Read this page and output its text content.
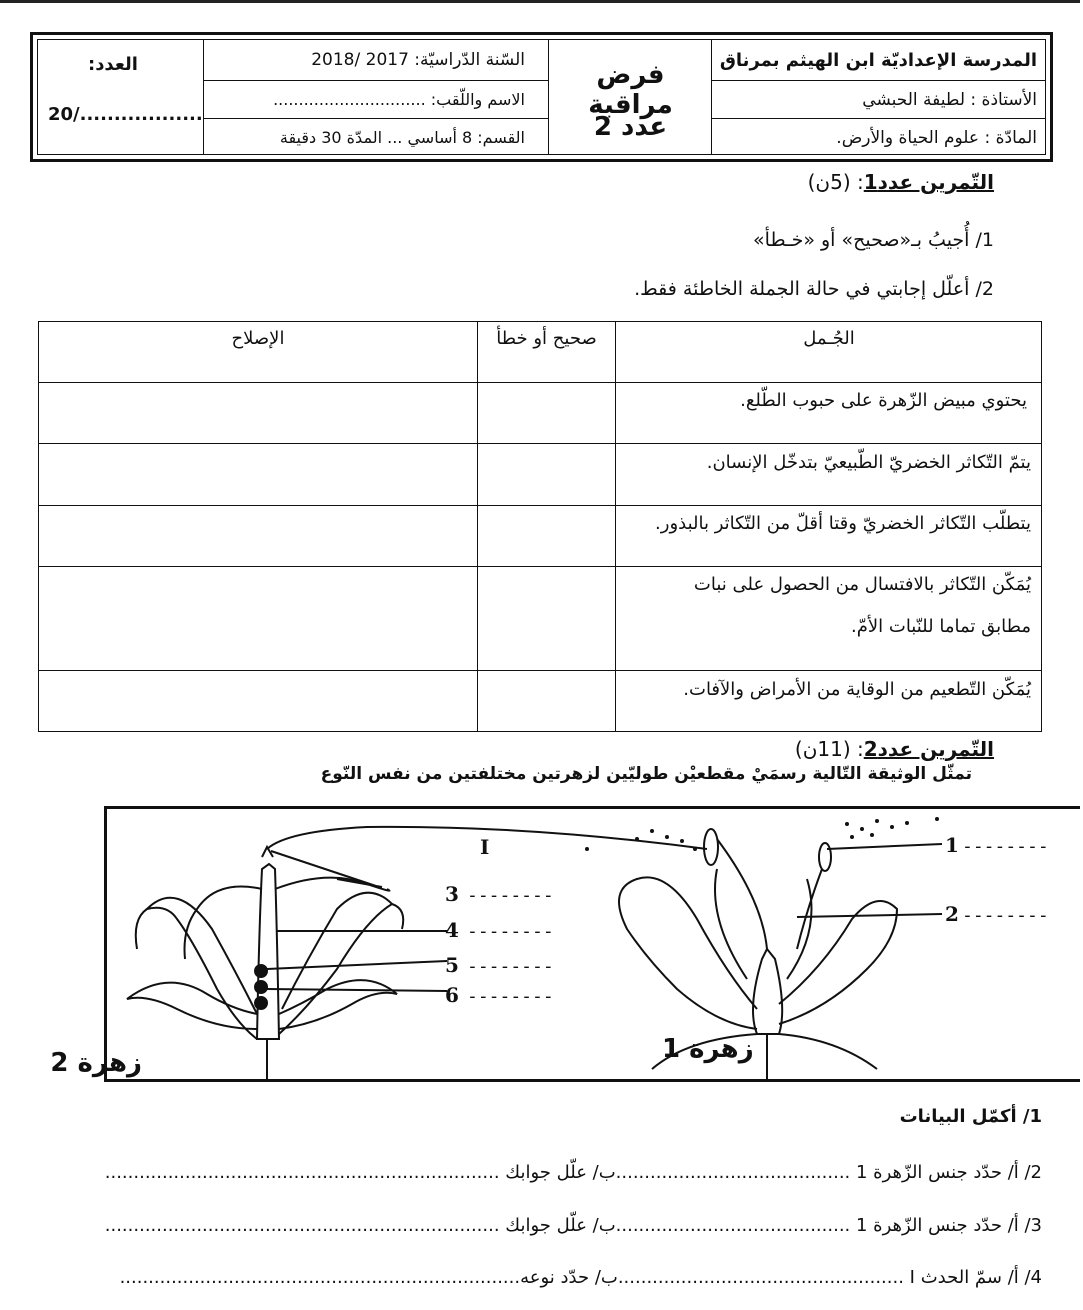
المدرسة الإعداديّة ابن الهيثم بمرناق
الأستاذة : لطيفة الحبشي
المادّة : علوم الحياة والأرض.
فرض مراقبة
عدد 2
السّنة الدّراسيّة: 2017 /2018
الاسم واللّقب: ..............................
القسم: 8 أساسي ... المدّة 30 دقيقة
العدد:
20/..................
التّمرين عدد1: (5ن)
1/ أُجيبُ بـ«صحيح» أو «خـطأ»
2/ أعلّل إجابتي في حالة الجملة الخاطئة فقط.
الجُـمل
صحيح أو خطأ
الإصلاح
يحتوي مبيض الزّهرة على حبوب الطّلع.
يتمّ التّكاثر الخضريّ الطّبيعيّ بتدخّل الإنسان.
يتطلّب التّكاثر الخضريّ وقتا أقلّ من التّكاثر بالبذور.
يُمَكّن التّكاثر بالافتسال من الحصول على نبات
مطابق تماما للنّبات الأمّ.
يُمَكّن التّطعيم من الوقاية من الأمراض والآفات.
التّمرين عدد2: (11ن)
تمثّل الوثيقة التّالية رسمَيْ مقطعيْن طوليّين لزهرتين مختلفتين من نفس النّوع
I
3
4
5
6
1
2
--------
--------
--------
--------
--------
--------
زهرة 2	زهرة 1
1/ أكمّل البيانات
2/ أ/ حدّد جنس الزّهرة 1 .........................................ب/ علّل جوابك .....................................................................
3/ أ/ حدّد جنس الزّهرة 1 .........................................ب/ علّل جوابك .....................................................................
4/ أ/ سمّ الحدث I ..................................................ب/ حدّد نوعه......................................................................
